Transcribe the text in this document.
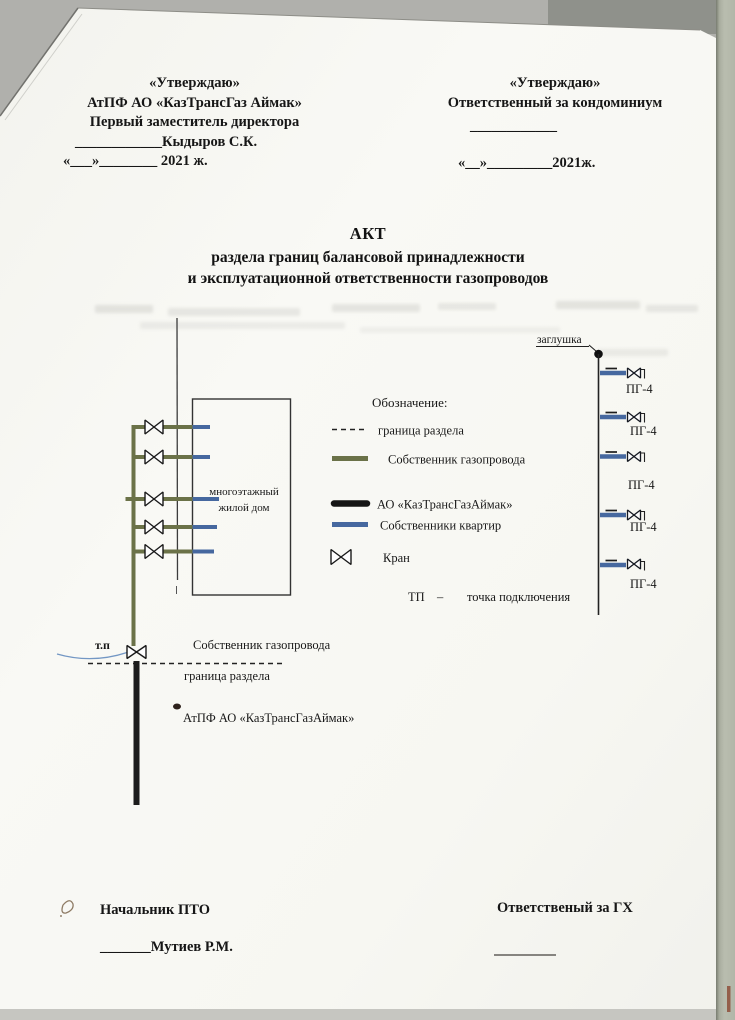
«Утверждаю»
АтПФ АО «КазТрансГаз Аймак»
Первый заместитель директора
____________Кыдыров С.К.
«___»________ 2021 ж.
«Утверждаю»
Ответственный за кондоминиум
____________
«__»_________2021ж.
АКТ
раздела границ балансовой принадлежности
и эксплуатационной ответственности газопроводов
многоэтажный
жилой дом
т.п	Собственник газопровода
граница раздела
АтПФ АО «КазТрансГазАймак»
Обозначение:
граница раздела
Собственник газопровода
АО «КазТрансГазАймак»
Собственники квартир
Кран
ТП – точка подключения
заглушка
ПГ-4
ПГ-4
ПГ-4
ПГ-4
ПГ-4
Начальник ПТО
_______Мутиев Р.М.
Ответственый за ГХ
